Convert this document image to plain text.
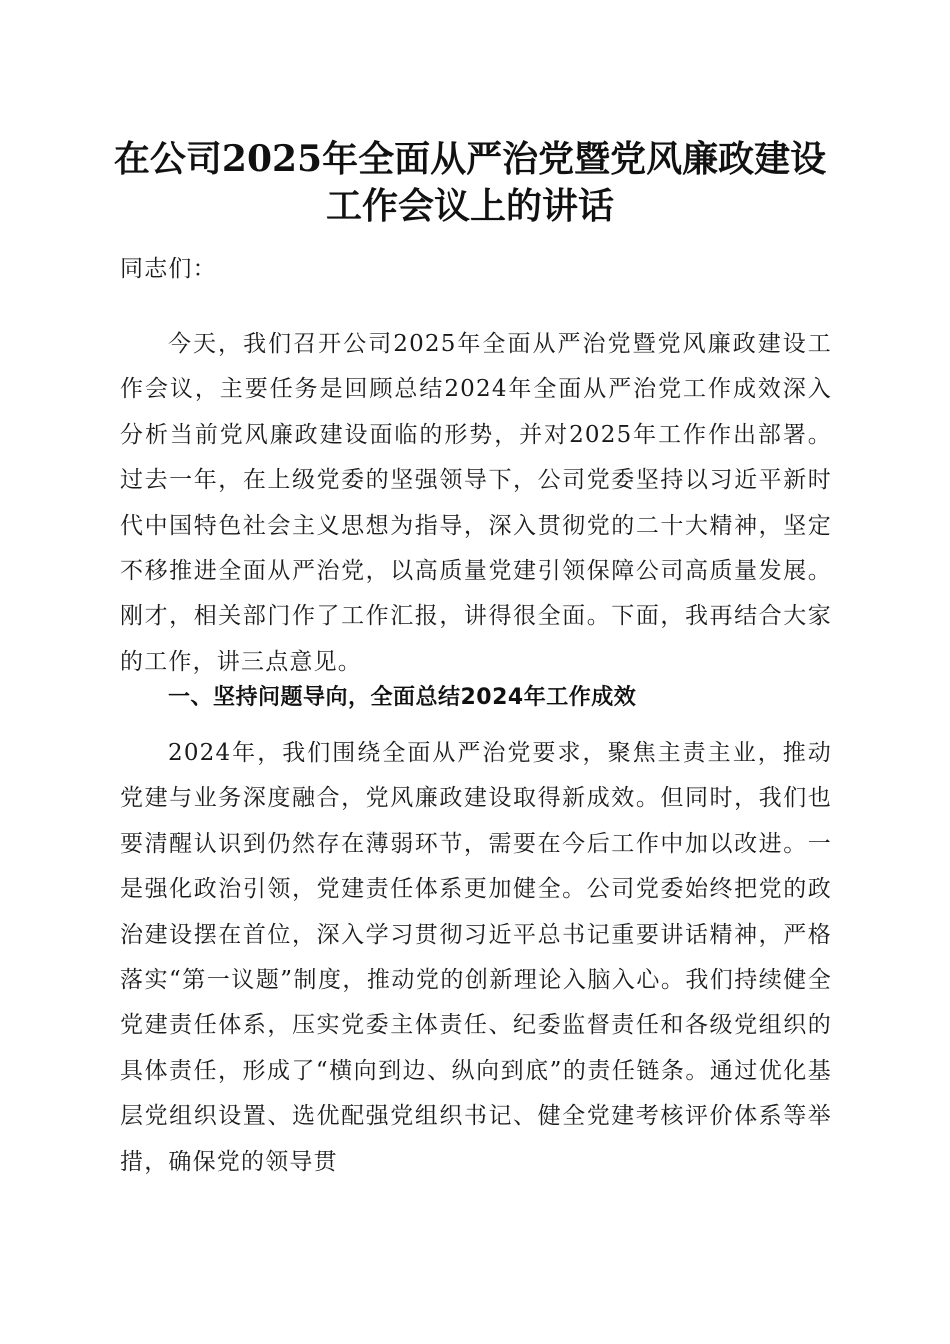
在公司2025年全面从严治党暨党风廉政建设
工作会议上的讲话
同志们：

今天，我们召开公司2025年全面从严治党暨党风廉政建设工作会议，主要任务是回顾总结2024年全面从严治党工作成效深入分析当前党风廉政建设面临的形势，并对2025年工作作出部署。过去一年，在上级党委的坚强领导下，公司党委坚持以习近平新时代中国特色社会主义思想为指导，深入贯彻党的二十大精神，坚定不移推进全面从严治党，以高质量党建引领保障公司高质量发展。刚才，相关部门作了工作汇报，讲得很全面。下面，我再结合大家的工作，讲三点意见。

一、坚持问题导向，全面总结2024年工作成效

2024年，我们围绕全面从严治党要求，聚焦主责主业，推动党建与业务深度融合，党风廉政建设取得新成效。但同时，我们也要清醒认识到仍然存在薄弱环节，需要在今后工作中加以改进。一是强化政治引领，党建责任体系更加健全。公司党委始终把党的政治建设摆在首位，深入学习贯彻习近平总书记重要讲话精神，严格落实“第一议题”制度，推动党的创新理论入脑入心。我们持续健全党建责任体系，压实党委主体责任、纪委监督责任和各级党组织的具体责任，形成了“横向到边、纵向到底”的责任链条。通过优化基层党组织设置、选优配强党组织书记、健全党建考核评价体系等举措，确保党的领导贯
